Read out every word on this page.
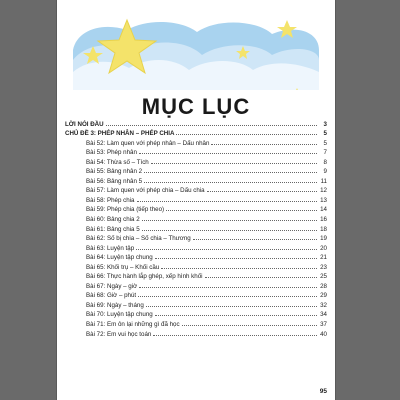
MỤC LỤC
LỜI NÓI ĐẦU	3
CHỦ ĐỀ 3: PHÉP NHÂN – PHÉP CHIA	5
Bài 52: Làm quen với phép nhân – Dấu nhân	5
Bài 53: Phép nhân	7
Bài 54: Thừa số – Tích	8
Bài 55: Bảng nhân 2	9
Bài 56: Bảng nhân 5	11
Bài 57: Làm quen với phép chia – Dấu chia	12
Bài 58: Phép chia	13
Bài 59: Phép chia (tiếp theo)	14
Bài 60: Bảng chia 2	16
Bài 61: Bảng chia 5	18
Bài 62: Số bị chia – Số chia – Thương	19
Bài 63: Luyện tập	20
Bài 64: Luyện tập chung	21
Bài 65: Khối trụ – Khối cầu	23
Bài 66: Thực hành lắp ghép, xếp hình khối	25
Bài 67: Ngày – giờ	28
Bài 68: Giờ – phút	29
Bài 69: Ngày – tháng	32
Bài 70: Luyện tập chung	34
Bài 71: Em ôn lại những gì đã học	37
Bài 72: Em vui học toán	40
95
